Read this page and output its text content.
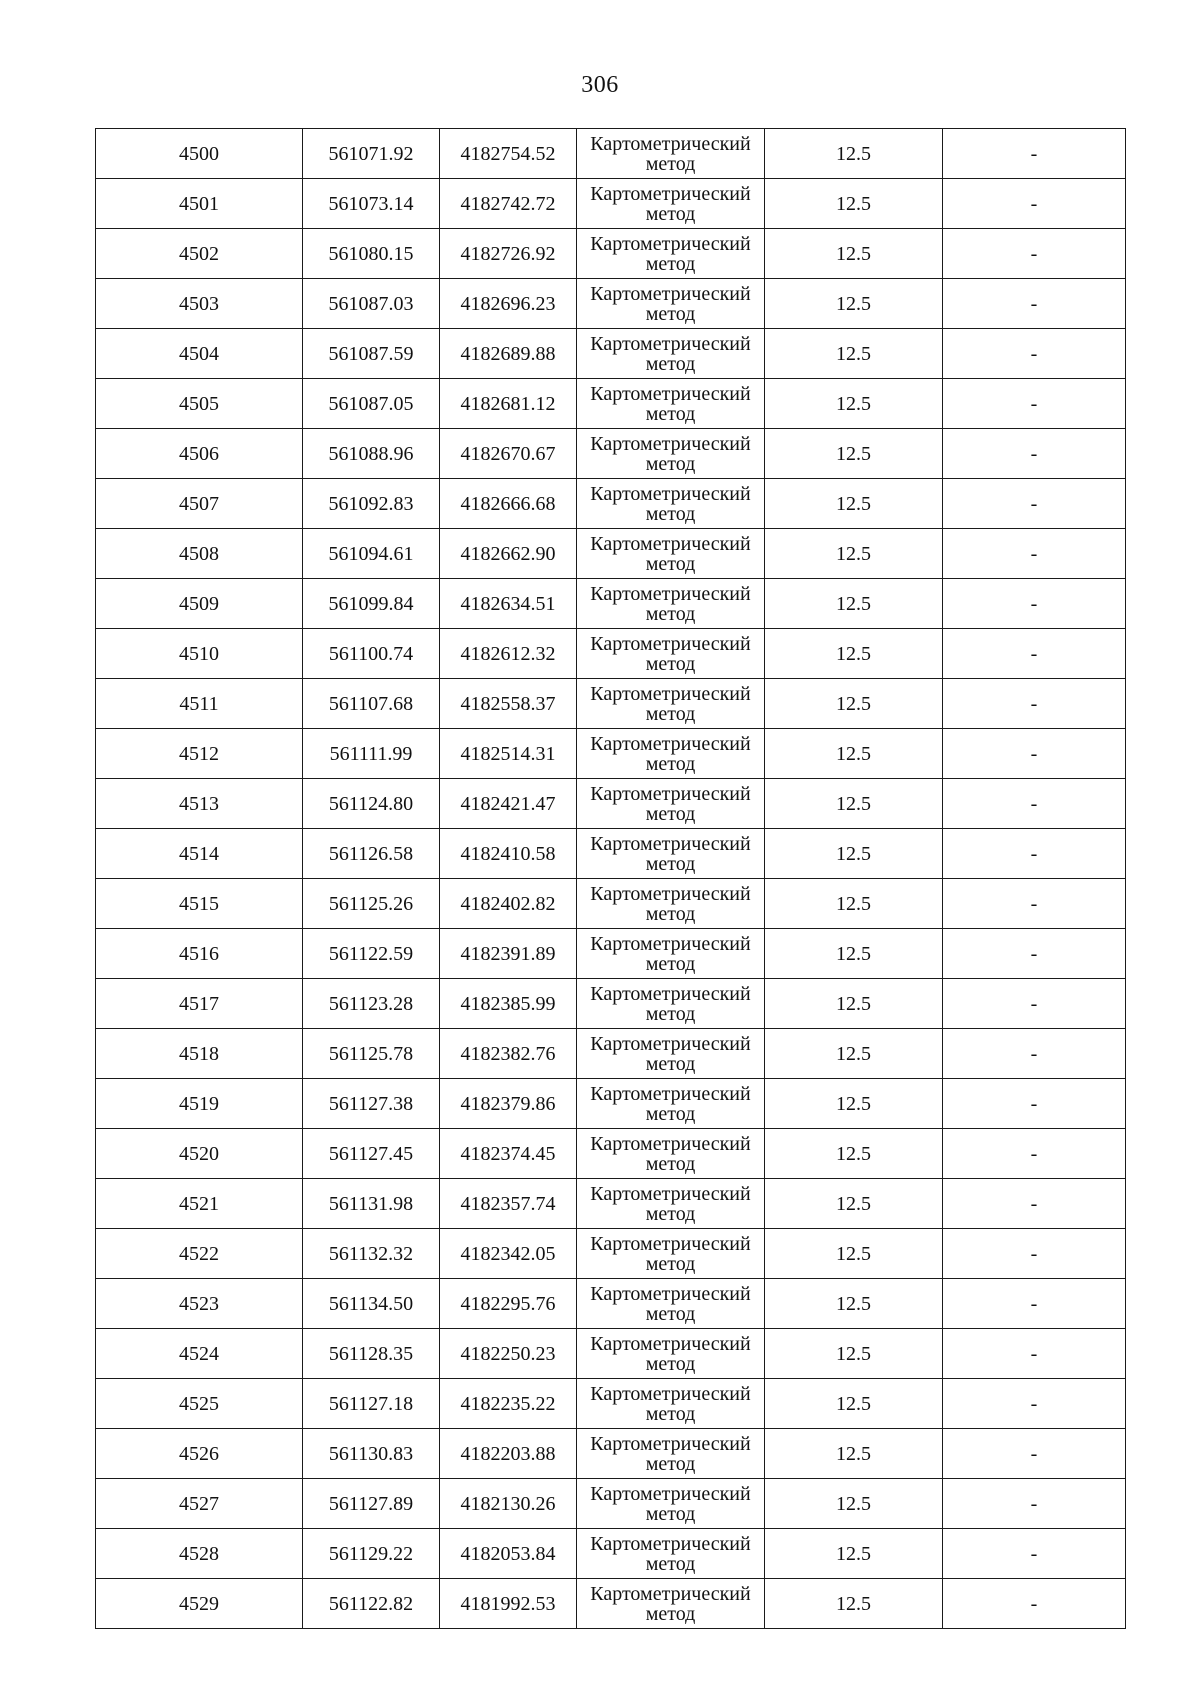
306
4500	561071.92	4182754.52	Картометрический
метод	12.5	-
4501	561073.14	4182742.72	Картометрический
метод	12.5	-
4502	561080.15	4182726.92	Картометрический
метод	12.5	-
4503	561087.03	4182696.23	Картометрический
метод	12.5	-
4504	561087.59	4182689.88	Картометрический
метод	12.5	-
4505	561087.05	4182681.12	Картометрический
метод	12.5	-
4506	561088.96	4182670.67	Картометрический
метод	12.5	-
4507	561092.83	4182666.68	Картометрический
метод	12.5	-
4508	561094.61	4182662.90	Картометрический
метод	12.5	-
4509	561099.84	4182634.51	Картометрический
метод	12.5	-
4510	561100.74	4182612.32	Картометрический
метод	12.5	-
4511	561107.68	4182558.37	Картометрический
метод	12.5	-
4512	561111.99	4182514.31	Картометрический
метод	12.5	-
4513	561124.80	4182421.47	Картометрический
метод	12.5	-
4514	561126.58	4182410.58	Картометрический
метод	12.5	-
4515	561125.26	4182402.82	Картометрический
метод	12.5	-
4516	561122.59	4182391.89	Картометрический
метод	12.5	-
4517	561123.28	4182385.99	Картометрический
метод	12.5	-
4518	561125.78	4182382.76	Картометрический
метод	12.5	-
4519	561127.38	4182379.86	Картометрический
метод	12.5	-
4520	561127.45	4182374.45	Картометрический
метод	12.5	-
4521	561131.98	4182357.74	Картометрический
метод	12.5	-
4522	561132.32	4182342.05	Картометрический
метод	12.5	-
4523	561134.50	4182295.76	Картометрический
метод	12.5	-
4524	561128.35	4182250.23	Картометрический
метод	12.5	-
4525	561127.18	4182235.22	Картометрический
метод	12.5	-
4526	561130.83	4182203.88	Картометрический
метод	12.5	-
4527	561127.89	4182130.26	Картометрический
метод	12.5	-
4528	561129.22	4182053.84	Картометрический
метод	12.5	-
4529	561122.82	4181992.53	Картометрический
метод	12.5	-
